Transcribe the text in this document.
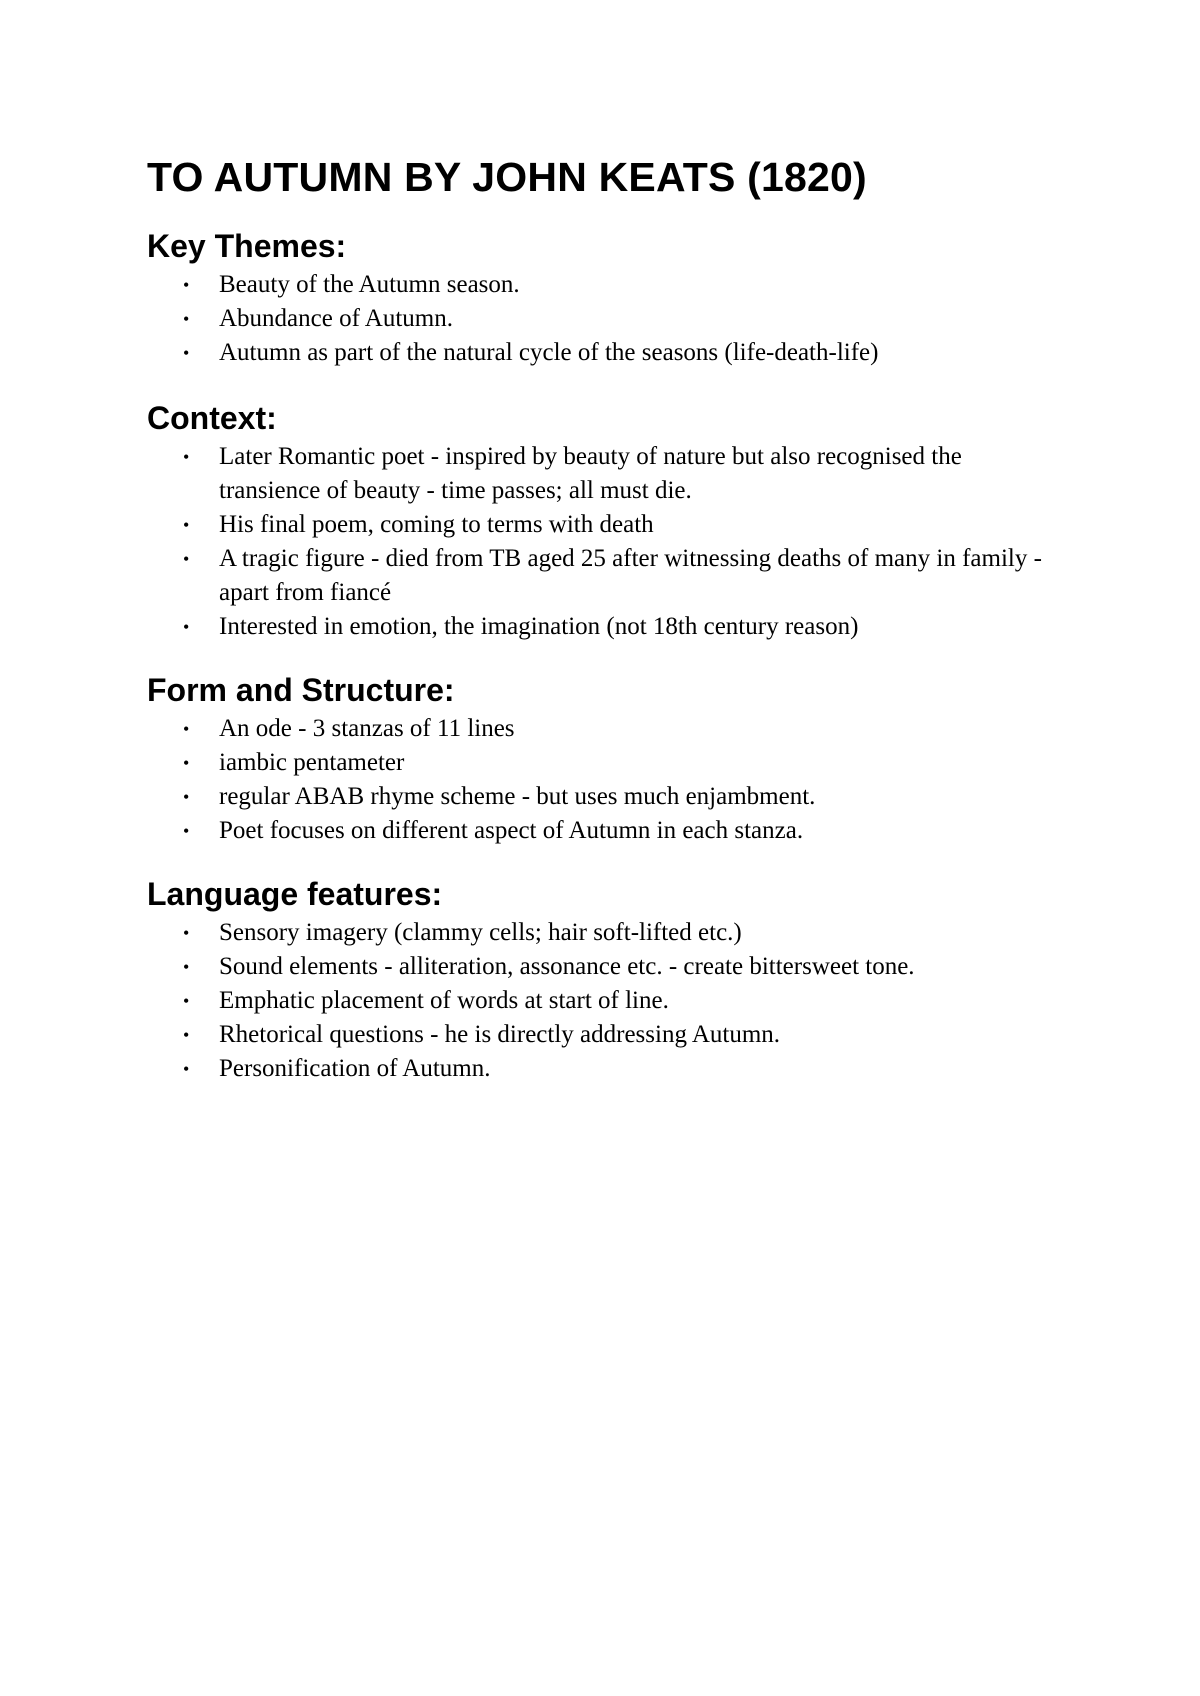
TO AUTUMN BY JOHN KEATS (1820)
Key Themes:
• Beauty of the Autumn season.
• Abundance of Autumn.
• Autumn as part of the natural cycle of the seasons (life-death-life)
Context:
• Later Romantic poet - inspired by beauty of nature but also recognised the transience of beauty - time passes; all must die.
• His final poem, coming to terms with death
• A tragic figure - died from TB aged 25 after witnessing deaths of many in family - apart from fiancé
• Interested in emotion, the imagination (not 18th century reason)
Form and Structure:
• An ode - 3 stanzas of 11 lines
• iambic pentameter
• regular ABAB rhyme scheme - but uses much enjambment.
• Poet focuses on different aspect of Autumn in each stanza.
Language features:
• Sensory imagery (clammy cells; hair soft-lifted etc.)
• Sound elements - alliteration, assonance etc. - create bittersweet tone.
• Emphatic placement of words at start of line.
• Rhetorical questions - he is directly addressing Autumn.
• Personification of Autumn.
